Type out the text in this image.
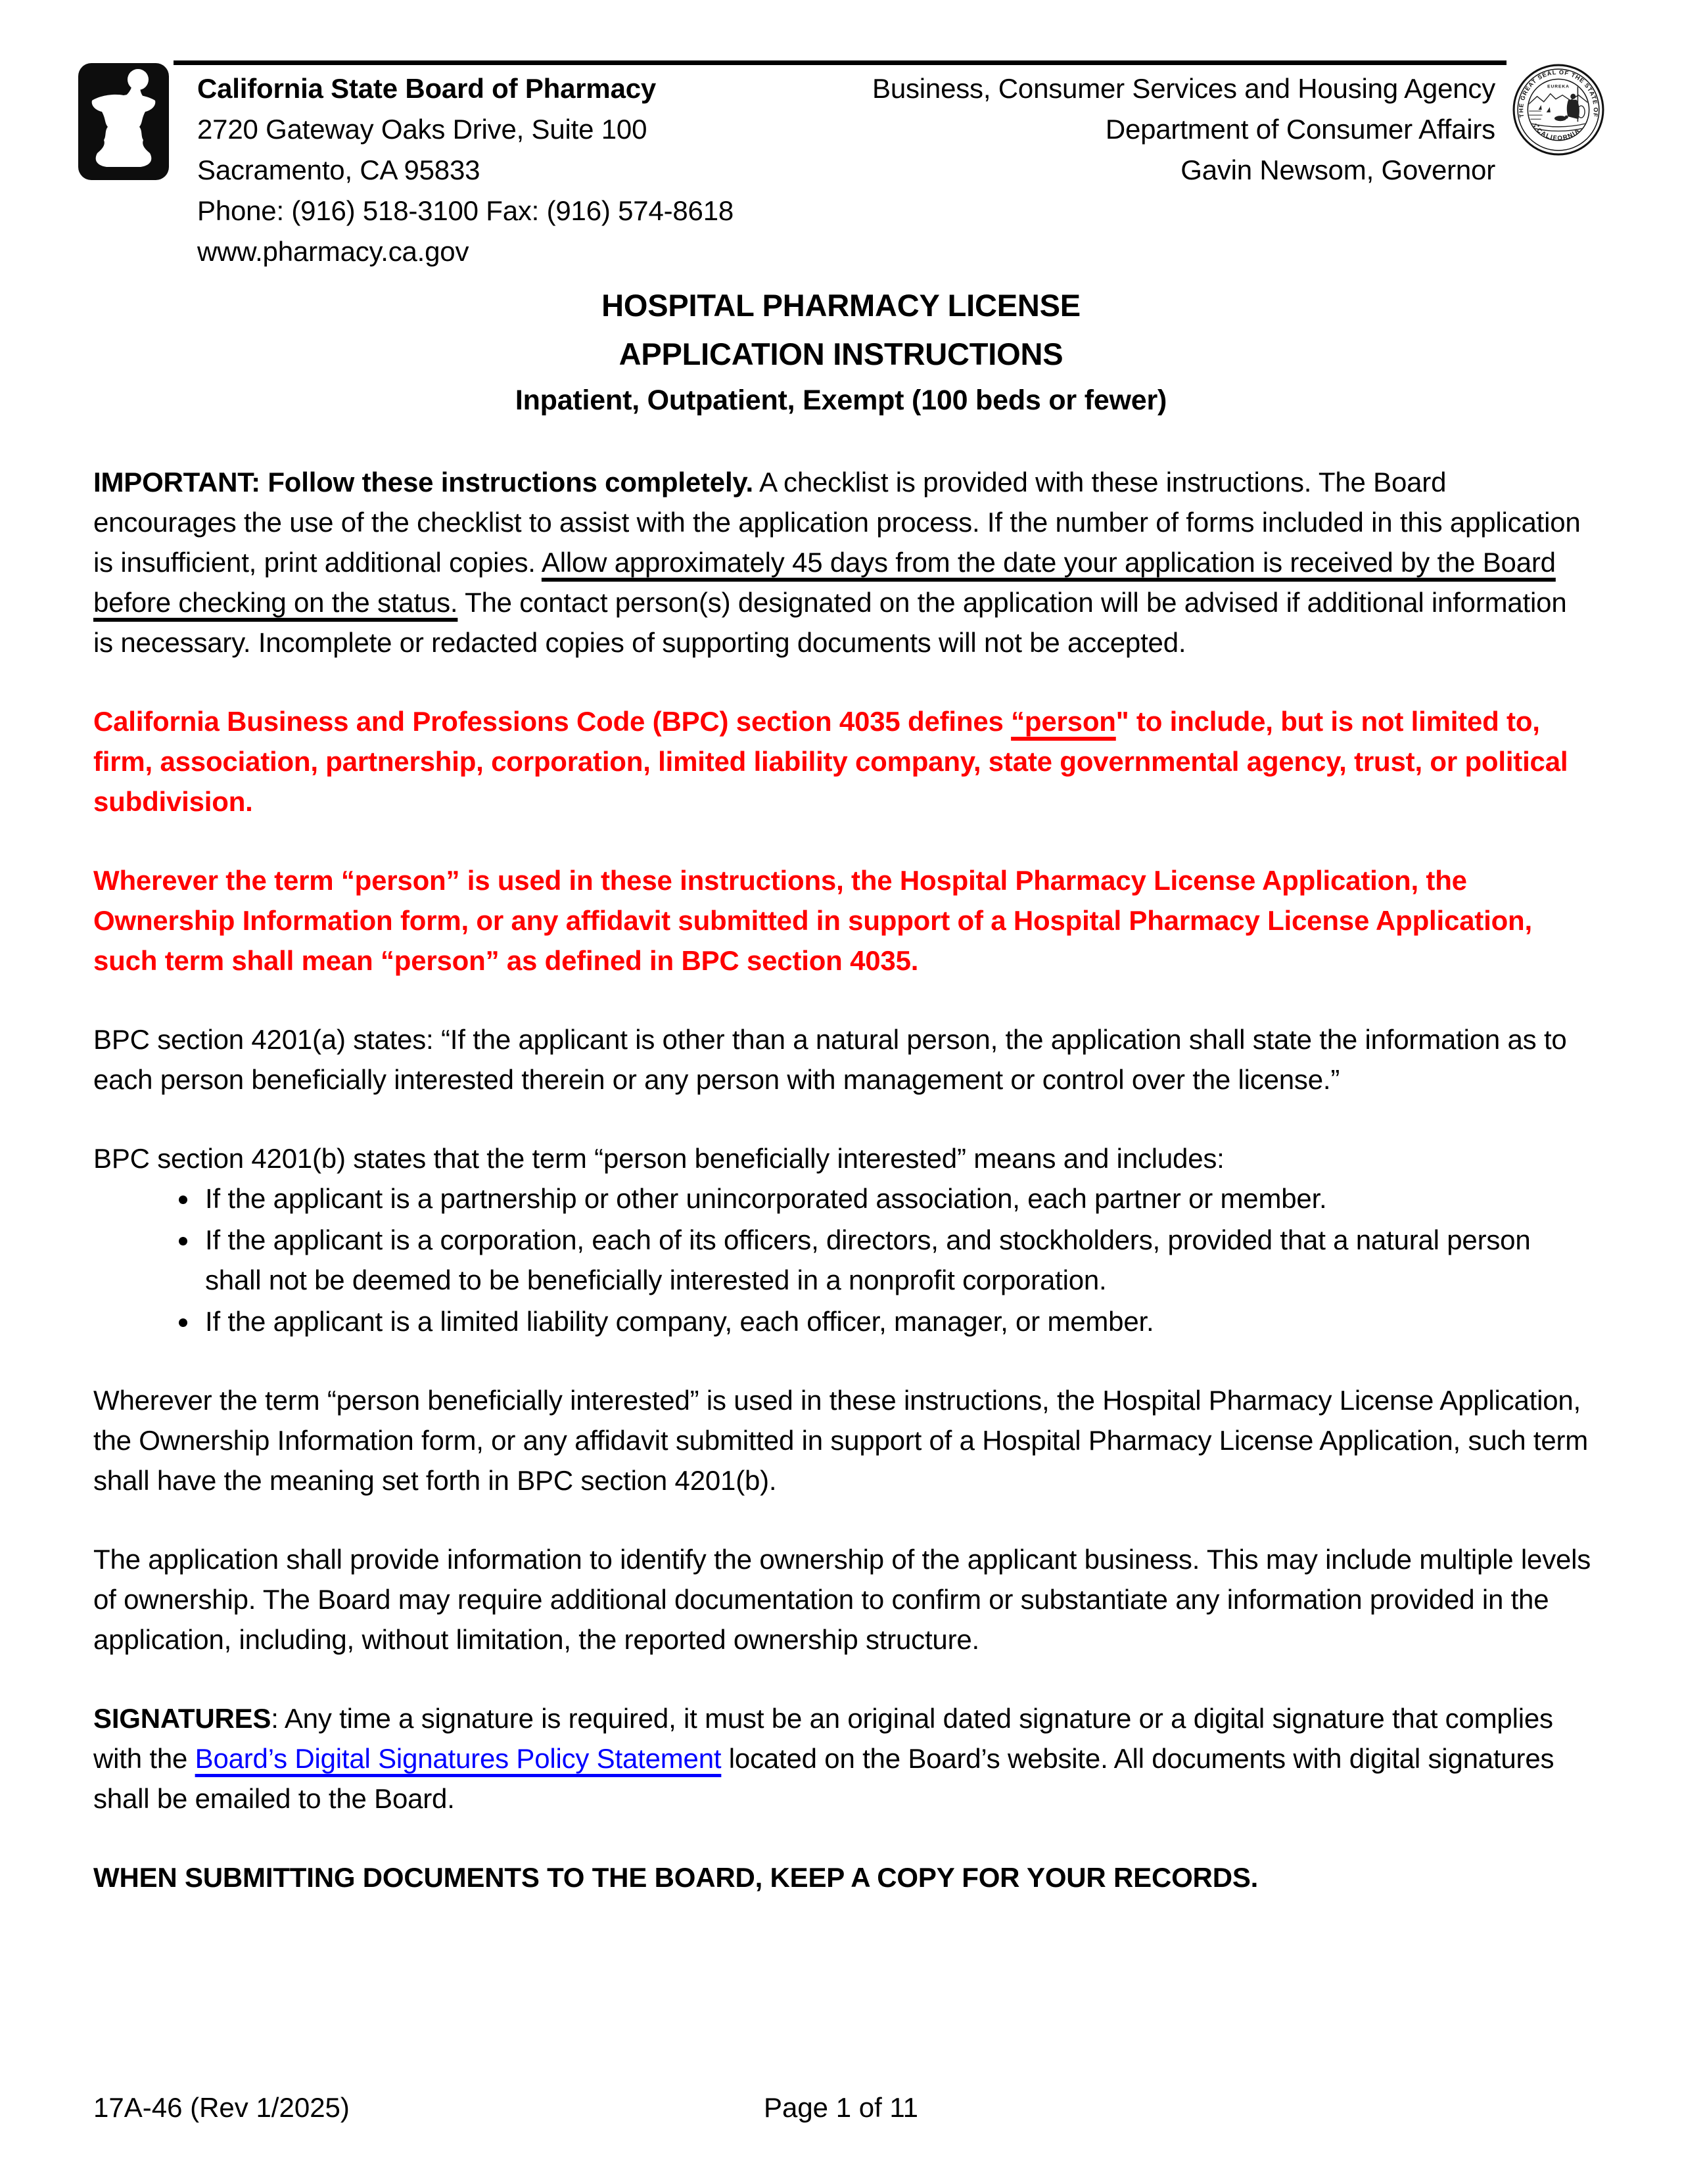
California State Board of Pharmacy
2720 Gateway Oaks Drive, Suite 100
Sacramento, CA 95833
Phone: (916) 518-3100 Fax: (916) 574-8618
www.pharmacy.ca.gov
Business, Consumer Services and Housing Agency
Department of Consumer Affairs
Gavin Newsom, Governor
THE GREAT SEAL OF THE STATE OF
CALIFORNIA
EUREKA
HOSPITAL PHARMACY LICENSE
APPLICATION INSTRUCTIONS
Inpatient, Outpatient, Exempt (100 beds or fewer)

IMPORTANT: Follow these instructions completely. A checklist is provided with these instructions. The Board encourages the use of the checklist to assist with the application process. If the number of forms included in this application is insufficient, print additional copies. Allow approximately 45 days from the date your application is received by the Board before checking on the status. The contact person(s) designated on the application will be advised if additional information is necessary. Incomplete or redacted copies of supporting documents will not be accepted.

California Business and Professions Code (BPC) section 4035 defines “person" to include, but is not limited to, firm, association, partnership, corporation, limited liability company, state governmental agency, trust, or political subdivision.

Wherever the term “person” is used in these instructions, the Hospital Pharmacy License Application, the Ownership Information form, or any affidavit submitted in support of a Hospital Pharmacy License Application, such term shall mean “person” as defined in BPC section 4035.

BPC section 4201(a) states: “If the applicant is other than a natural person, the application shall state the information as to each person beneficially interested therein or any person with management or control over the license.”

BPC section 4201(b) states that the term “person beneficially interested” means and includes:

• If the applicant is a partnership or other unincorporated association, each partner or member.
• If the applicant is a corporation, each of its officers, directors, and stockholders, provided that a natural person shall not be deemed to be beneficially interested in a nonprofit corporation.
• If the applicant is a limited liability company, each officer, manager, or member.

Wherever the term “person beneficially interested” is used in these instructions, the Hospital Pharmacy License Application, the Ownership Information form, or any affidavit submitted in support of a Hospital Pharmacy License Application, such term shall have the meaning set forth in BPC section 4201(b).

The application shall provide information to identify the ownership of the applicant business. This may include multiple levels of ownership. The Board may require additional documentation to confirm or substantiate any information provided in the application, including, without limitation, the reported ownership structure.

SIGNATURES: Any time a signature is required, it must be an original dated signature or a digital signature that complies with the Board’s Digital Signatures Policy Statement located on the Board’s website. All documents with digital signatures shall be emailed to the Board.

WHEN SUBMITTING DOCUMENTS TO THE BOARD, KEEP A COPY FOR YOUR RECORDS.

17A-46 (Rev 1/2025)	Page 1 of 11
